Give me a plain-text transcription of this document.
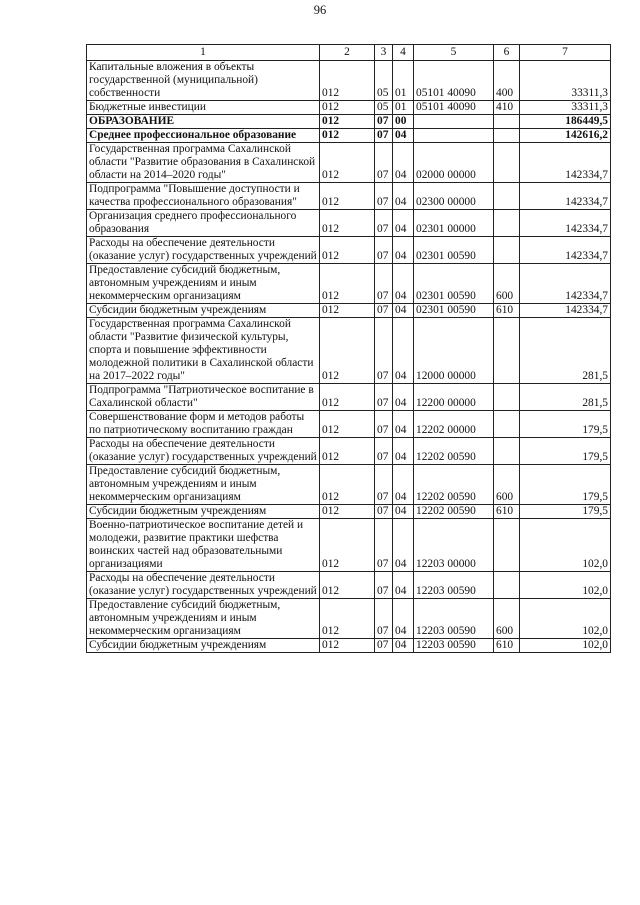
96
1	2	3	4	5	6	7
Капитальные вложения в объекты государственной (муниципальной) собственности	012	05	01	05101 40090	400	33311,3
Бюджетные инвестиции	012	05	01	05101 40090	410	33311,3
ОБРАЗОВАНИЕ	012	07	00			186449,5
Среднее профессиональное образование	012	07	04			142616,2
Государственная программа Сахалинской области "Развитие образования в Сахалинской области на 2014–2020 годы"	012	07	04	02000 00000		142334,7
Подпрограмма "Повышение доступности и качества профессионального образования"	012	07	04	02300 00000		142334,7
Организация среднего профессионального образования	012	07	04	02301 00000		142334,7
Расходы на обеспечение деятельности (оказание услуг) государственных учреждений	012	07	04	02301 00590		142334,7
Предоставление субсидий бюджетным, автономным учреждениям и иным некоммерческим организациям	012	07	04	02301 00590	600	142334,7
Субсидии бюджетным учреждениям	012	07	04	02301 00590	610	142334,7
Государственная программа Сахалинской области "Развитие физической культуры, спорта и повышение эффективности молодежной политики в Сахалинской области на 2017–2022 годы"	012	07	04	12000 00000		281,5
Подпрограмма "Патриотическое воспитание в Сахалинской области"	012	07	04	12200 00000		281,5
Совершенствование форм и методов работы по патриотическому воспитанию граждан	012	07	04	12202 00000		179,5
Расходы на обеспечение деятельности (оказание услуг) государственных учреждений	012	07	04	12202 00590		179,5
Предоставление субсидий бюджетным, автономным учреждениям и иным некоммерческим организациям	012	07	04	12202 00590	600	179,5
Субсидии бюджетным учреждениям	012	07	04	12202 00590	610	179,5
Военно-патриотическое воспитание детей и молодежи, развитие практики шефства воинских частей над образовательными организациями	012	07	04	12203 00000		102,0
Расходы на обеспечение деятельности (оказание услуг) государственных учреждений	012	07	04	12203 00590		102,0
Предоставление субсидий бюджетным, автономным учреждениям и иным некоммерческим организациям	012	07	04	12203 00590	600	102,0
Субсидии бюджетным учреждениям	012	07	04	12203 00590	610	102,0
